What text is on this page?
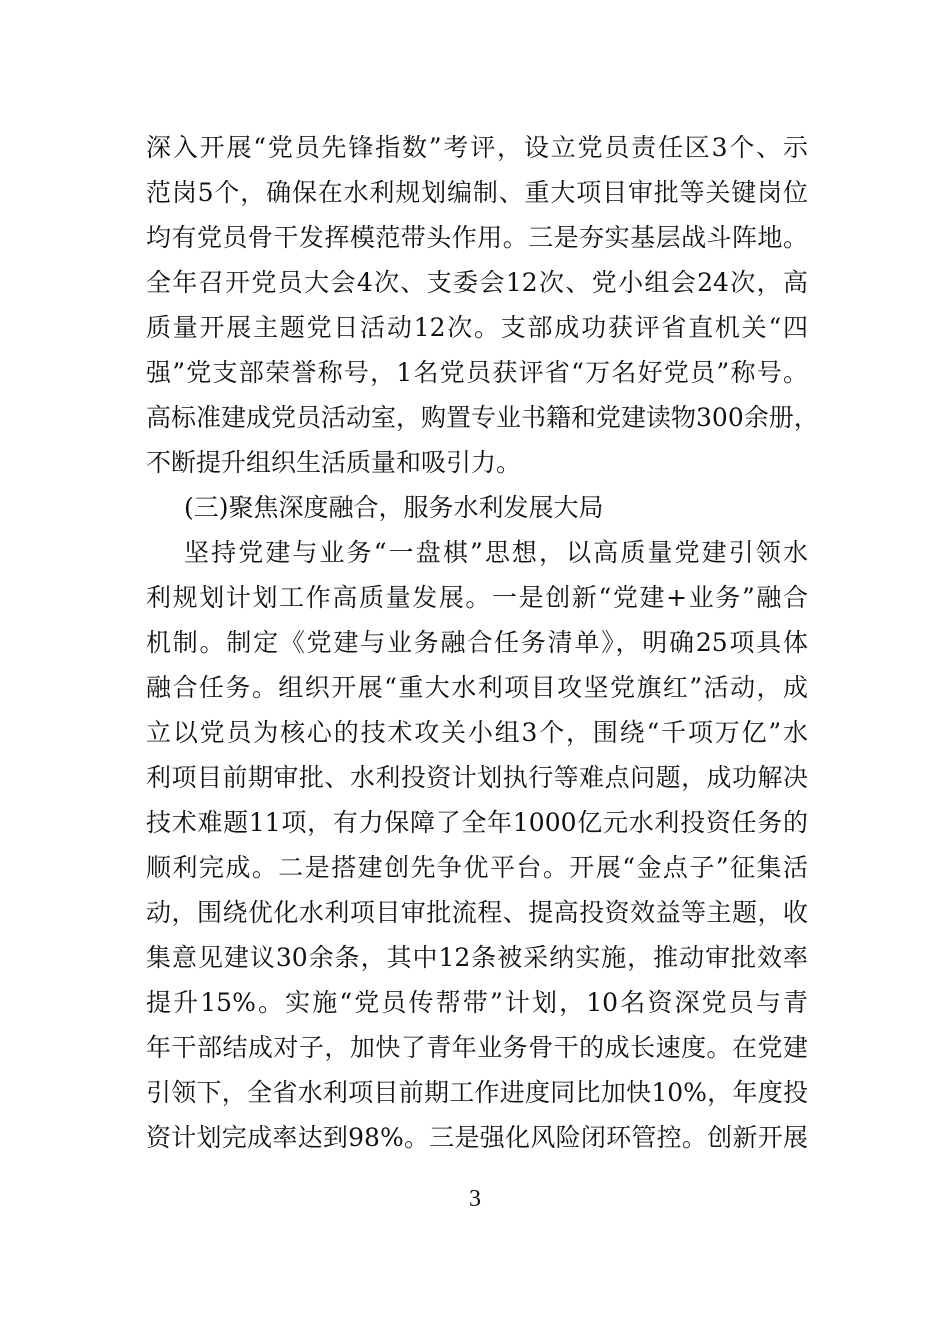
深入开展“党员先锋指数”考评，设立党员责任区3个、示
范岗5个，确保在水利规划编制、重大项目审批等关键岗位
均有党员骨干发挥模范带头作用。三是夯实基层战斗阵地。
全年召开党员大会4次、支委会12次、党小组会24次，高
质量开展主题党日活动12次。支部成功获评省直机关“四
强”党支部荣誉称号，1名党员获评省“万名好党员”称号。
高标准建成党员活动室，购置专业书籍和党建读物300余册，
不断提升组织生活质量和吸引力。
(三)聚焦深度融合，服务水利发展大局
坚持党建与业务“一盘棋”思想，以高质量党建引领水
利规划计划工作高质量发展。一是创新“党建+业务”融合
机制。制定《党建与业务融合任务清单》，明确25项具体
融合任务。组织开展“重大水利项目攻坚党旗红”活动，成
立以党员为核心的技术攻关小组3个，围绕“千项万亿”水
利项目前期审批、水利投资计划执行等难点问题，成功解决
技术难题11项，有力保障了全年1000亿元水利投资任务的
顺利完成。二是搭建创先争优平台。开展“金点子”征集活
动，围绕优化水利项目审批流程、提高投资效益等主题，收
集意见建议30余条，其中12条被采纳实施，推动审批效率
提升15%。实施“党员传帮带”计划，10名资深党员与青
年干部结成对子，加快了青年业务骨干的成长速度。在党建
引领下，全省水利项目前期工作进度同比加快10%，年度投
资计划完成率达到98%。三是强化风险闭环管控。创新开展
3
